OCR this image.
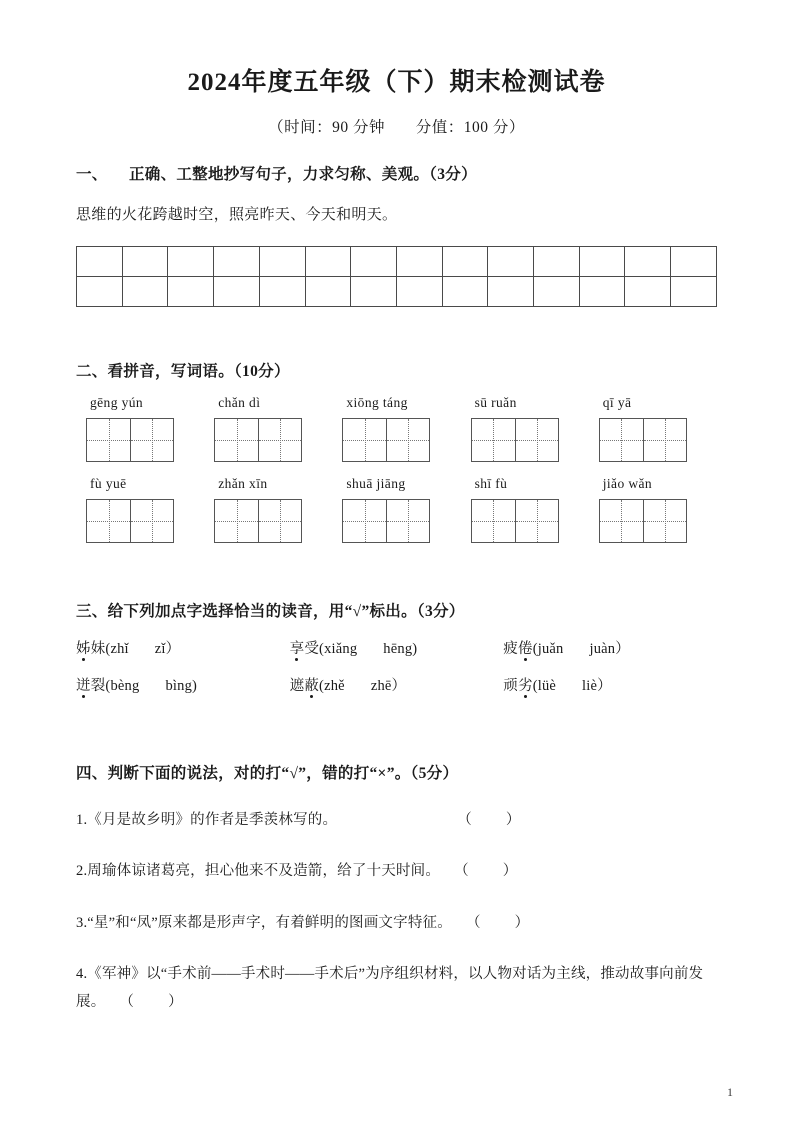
2024年度五年级（下）期末检测试卷
（时间：90 分钟 分值：100 分）
一、 正确、工整地抄写句子，力求匀称、美观。（3分）
思维的火花跨越时空，照亮昨天、今天和明天。

二、看拼音，写词语。（10分）
gēng yún	chǎn dì	xiōng táng	sū ruǎn	qī yā
fù yuē	zhǎn xīn	shuā jiāng	shī fù	jiǎo wǎn
三、给下列加点字选择恰当的读音，用“√”标出。（3分）
姊妹(zhǐ zǐ）	享受(xiǎng hēng)	疲倦(juǎn juàn）
迸裂(bèng bìng)	遮蔽(zhě zhē）	顽劣(lüè liè）
四、判断下面的说法，对的打“√”，错的打“×”。（5分）
1.《月是故乡明》的作者是季羡林写的。	（ ）
2.周瑜体谅诸葛亮，担心他来不及造箭，给了十天时间。 （ ）
3.“星”和“凤”原来都是形声字，有着鲜明的图画文字特征。 （ ）
4.《军神》以“手术前——手术时——手术后”为序组织材料，以人物对话为主线，推动故事向前发展。 （ ）
1
